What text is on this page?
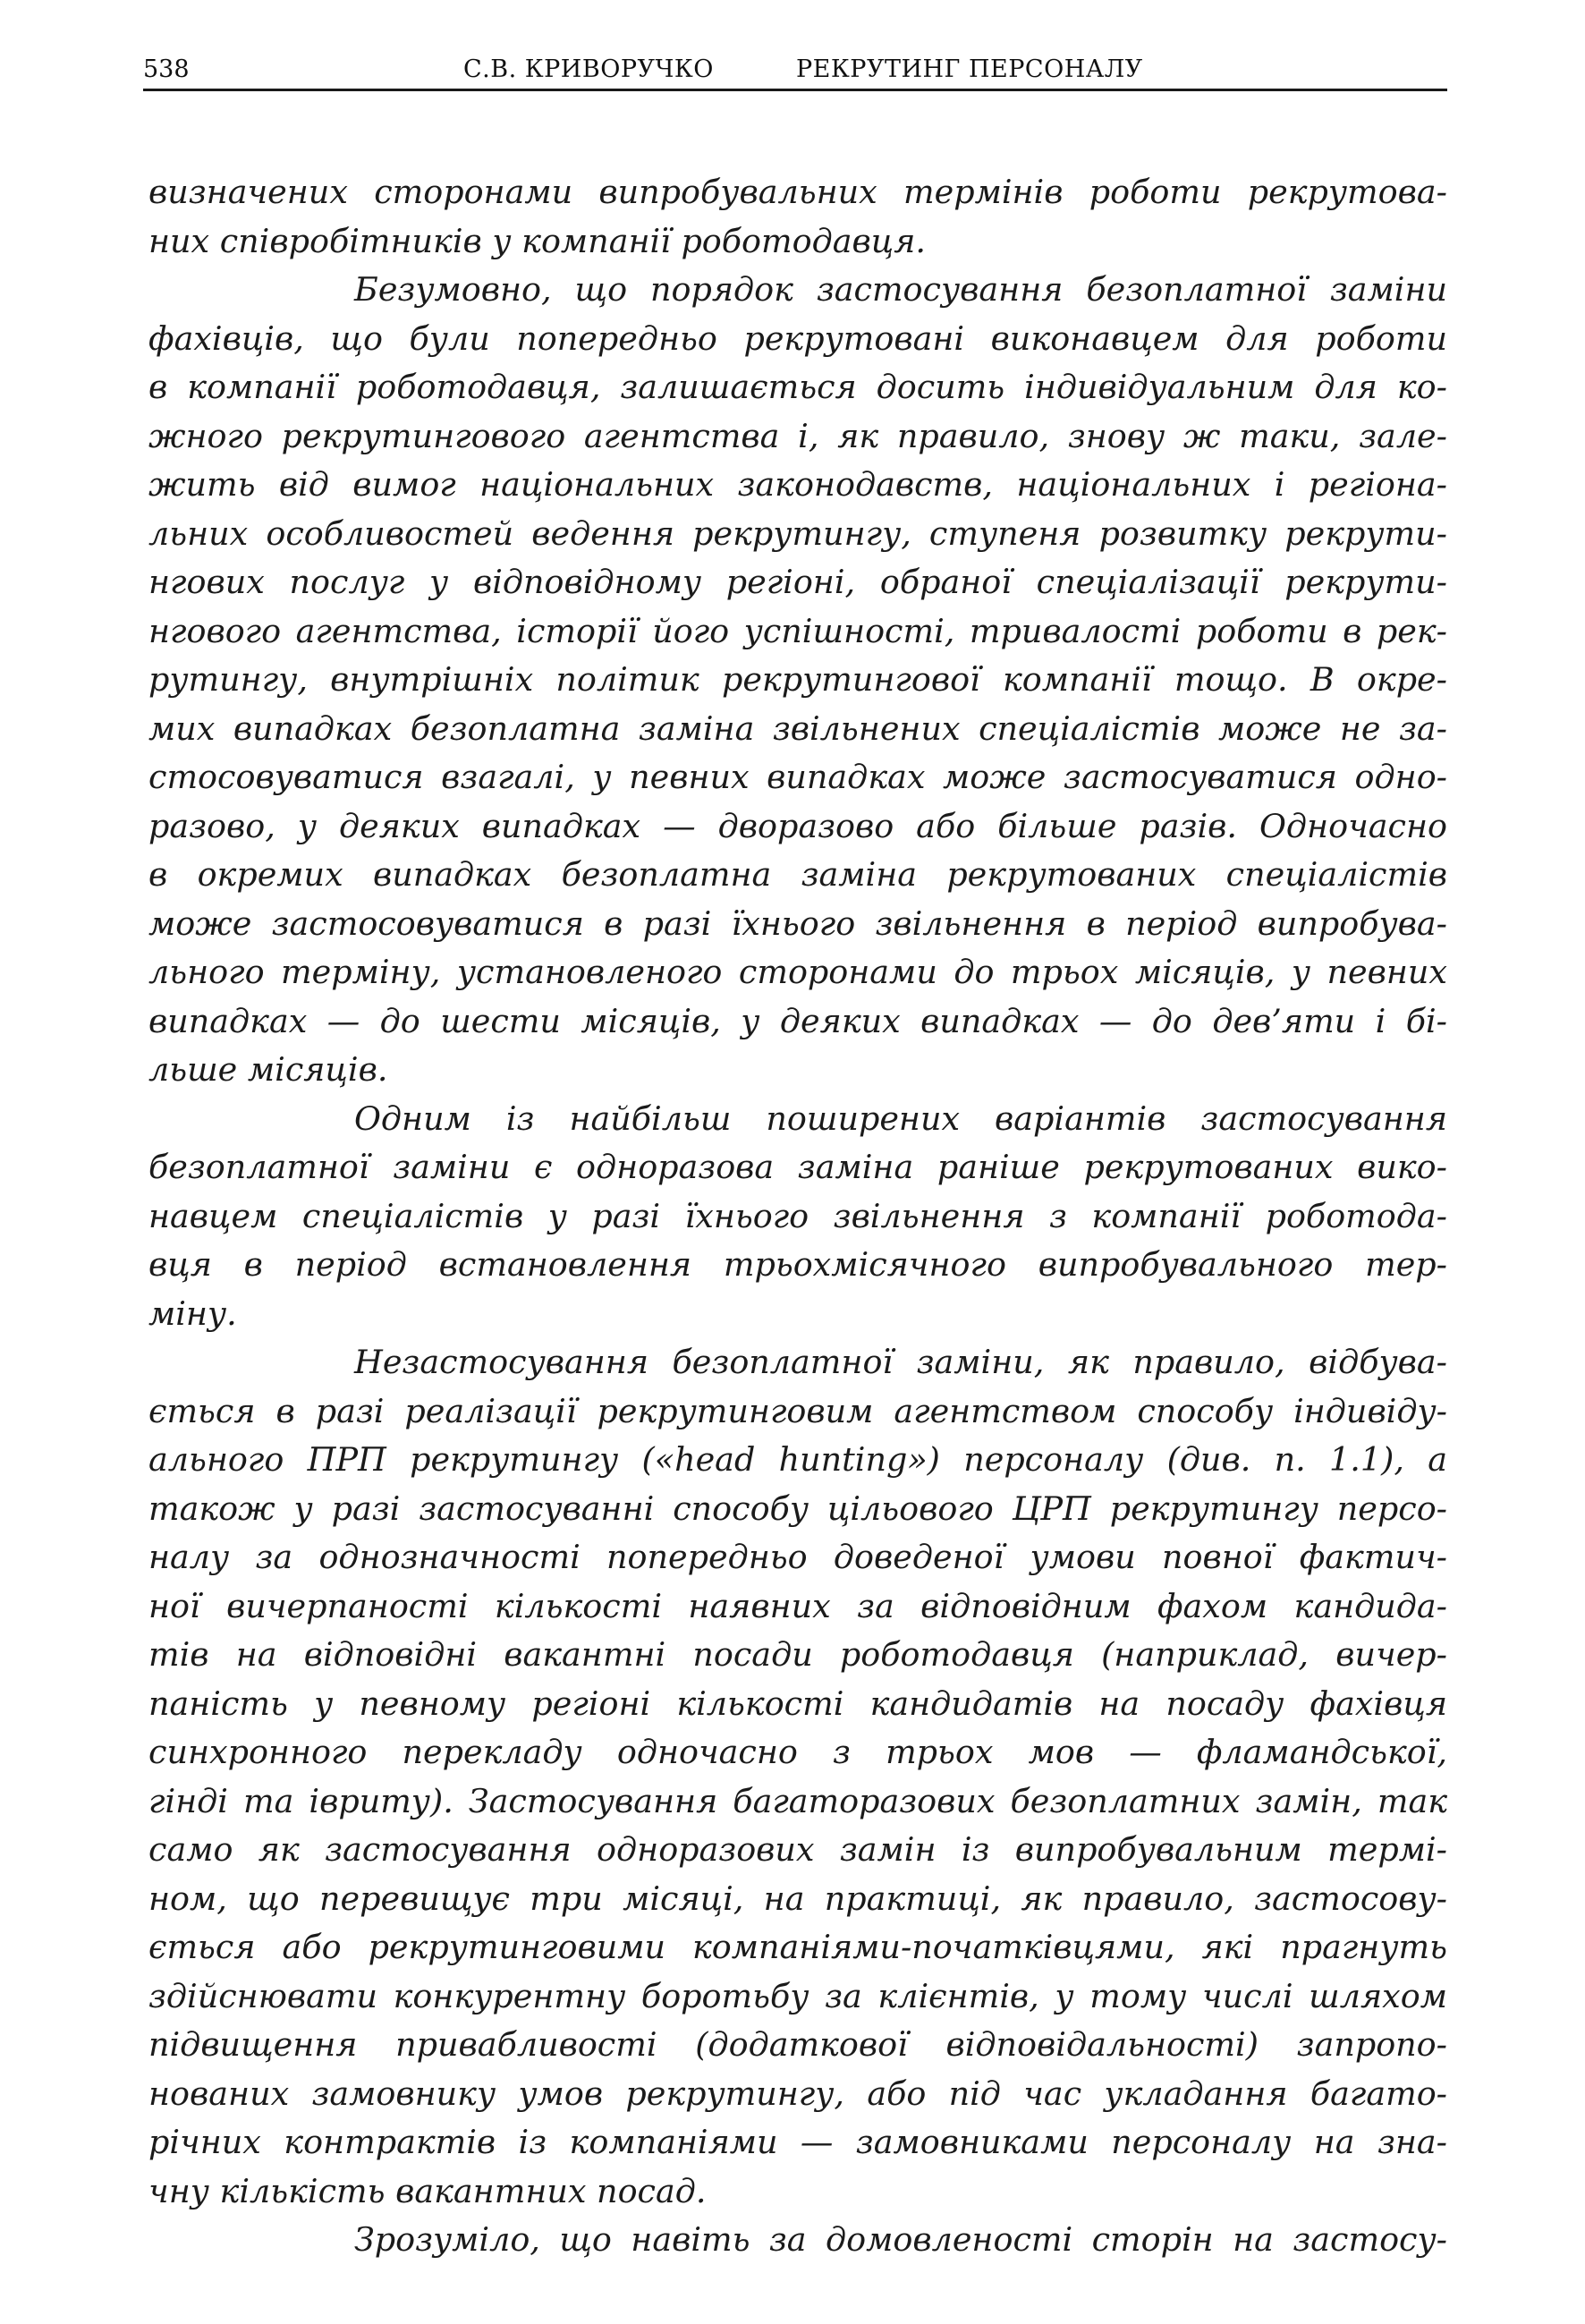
538	С.В. КРИВОРУЧКО	РЕКРУТИНГ ПЕРСОНАЛУ
визначених сторонами випробувальних термінів роботи рекрутова-
них співробітників у компанії роботодавця.
Безумовно, що порядок застосування безоплатної заміни
фахівців, що були попередньо рекрутовані виконавцем для роботи
в компанії роботодавця, залишається досить індивідуальним для ко-
жного рекрутингового агентства і, як правило, знову ж таки, зале-
жить від вимог національних законодавств, національних і регіона-
льних особливостей ведення рекрутингу, ступеня розвитку рекрути-
нгових послуг у відповідному регіоні, обраної спеціалізації рекрути-
нгового агентства, історії його успішності, тривалості роботи в рек-
рутингу, внутрішніх політик рекрутингової компанії тощо. В окре-
мих випадках безоплатна заміна звільнених спеціалістів може не за-
стосовуватися взагалі, у певних випадках може застосуватися одно-
разово, у деяких випадках — дворазово або більше разів. Одночасно
в окремих випадках безоплатна заміна рекрутованих спеціалістів
може застосовуватися в разі їхнього звільнення в період випробува-
льного терміну, установленого сторонами до трьох місяців, у певних
випадках — до шести місяців, у деяких випадках — до дев’яти і бі-
льше місяців.
Одним із найбільш поширених варіантів застосування
безоплатної заміни є одноразова заміна раніше рекрутованих вико-
навцем спеціалістів у разі їхнього звільнення з компанії роботода-
вця в період встановлення трьохмісячного випробувального тер-
міну.
Незастосування безоплатної заміни, як правило, відбува-
ється в разі реалізації рекрутинговим агентством способу індивіду-
ального ПРП рекрутингу («head hunting») персоналу (див. п. 1.1), а
також у разі застосуванні способу цільового ЦРП рекрутингу персо-
налу за однозначності попередньо доведеної умови повної фактич-
ної вичерпаності кількості наявних за відповідним фахом кандида-
тів на відповідні вакантні посади роботодавця (наприклад, вичер-
паність у певному регіоні кількості кандидатів на посаду фахівця
синхронного перекладу одночасно з трьох мов — фламандської,
гінді та івриту). Застосування багаторазових безоплатних замін, так
само як застосування одноразових замін із випробувальним термі-
ном, що перевищує три місяці, на практиці, як правило, застосову-
ється або рекрутинговими компаніями-початківцями, які прагнуть
здійснювати конкурентну боротьбу за клієнтів, у тому числі шляхом
підвищення привабливості (додаткової відповідальності) запропо-
нованих замовнику умов рекрутингу, або під час укладання багато-
річних контрактів із компаніями — замовниками персоналу на зна-
чну кількість вакантних посад.
Зрозуміло, що навіть за домовленості сторін на застосу-
